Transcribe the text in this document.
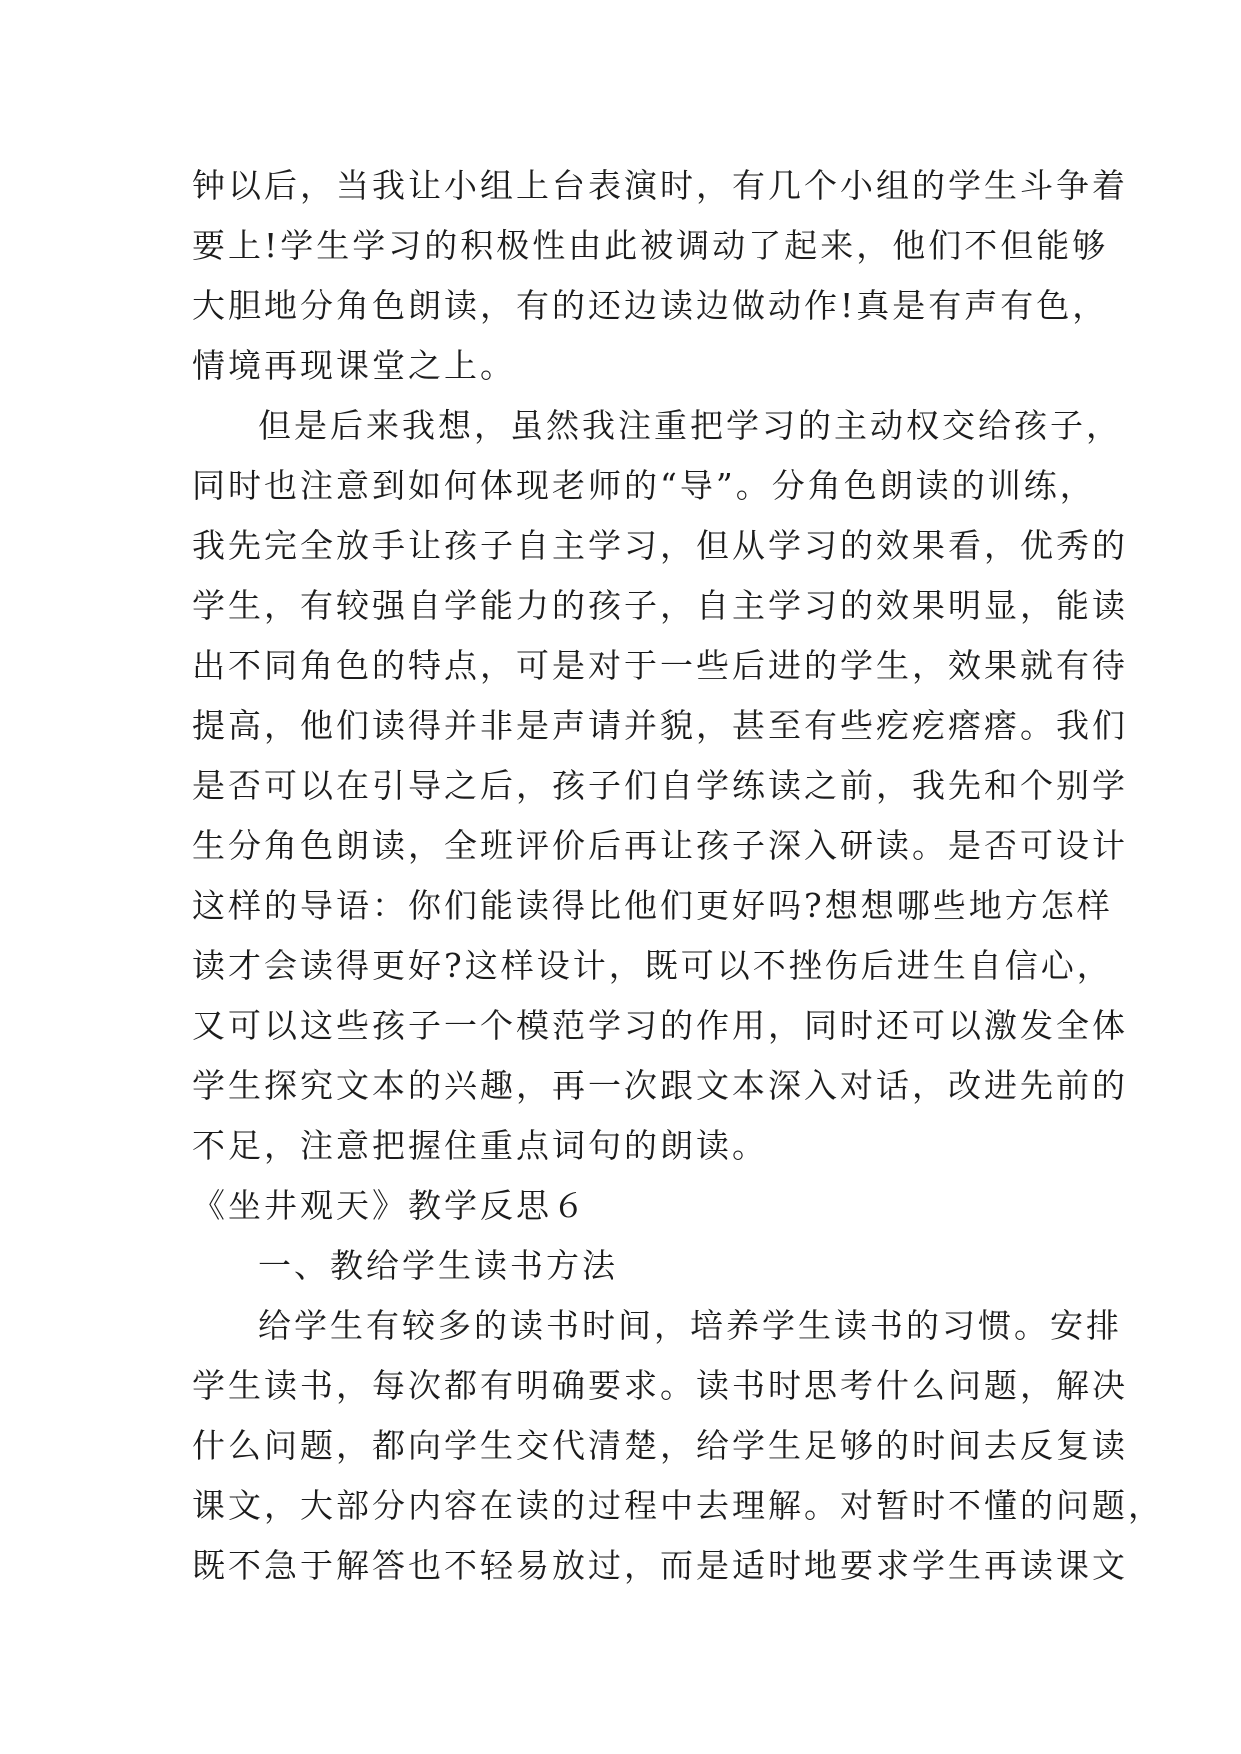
钟以后，当我让小组上台表演时，有几个小组的学生斗争着
要上!学生学习的积极性由此被调动了起来，他们不但能够
大胆地分角色朗读，有的还边读边做动作!真是有声有色，
情境再现课堂之上。
但是后来我想，虽然我注重把学习的主动权交给孩子，
同时也注意到如何体现老师的“导”。分角色朗读的训练，
我先完全放手让孩子自主学习，但从学习的效果看，优秀的
学生，有较强自学能力的孩子，自主学习的效果明显，能读
出不同角色的特点，可是对于一些后进的学生，效果就有待
提高，他们读得并非是声请并貌，甚至有些疙疙瘩瘩。我们
是否可以在引导之后，孩子们自学练读之前，我先和个别学
生分角色朗读，全班评价后再让孩子深入研读。是否可设计
这样的导语：你们能读得比他们更好吗?想想哪些地方怎样
读才会读得更好?这样设计，既可以不挫伤后进生自信心，
又可以这些孩子一个模范学习的作用，同时还可以激发全体
学生探究文本的兴趣，再一次跟文本深入对话，改进先前的
不足，注意把握住重点词句的朗读。
《坐井观天》教学反思６
一、教给学生读书方法
给学生有较多的读书时间，培养学生读书的习惯。安排
学生读书，每次都有明确要求。读书时思考什么问题，解决
什么问题，都向学生交代清楚，给学生足够的时间去反复读
课文，大部分内容在读的过程中去理解。对暂时不懂的问题，
既不急于解答也不轻易放过，而是适时地要求学生再读课文
